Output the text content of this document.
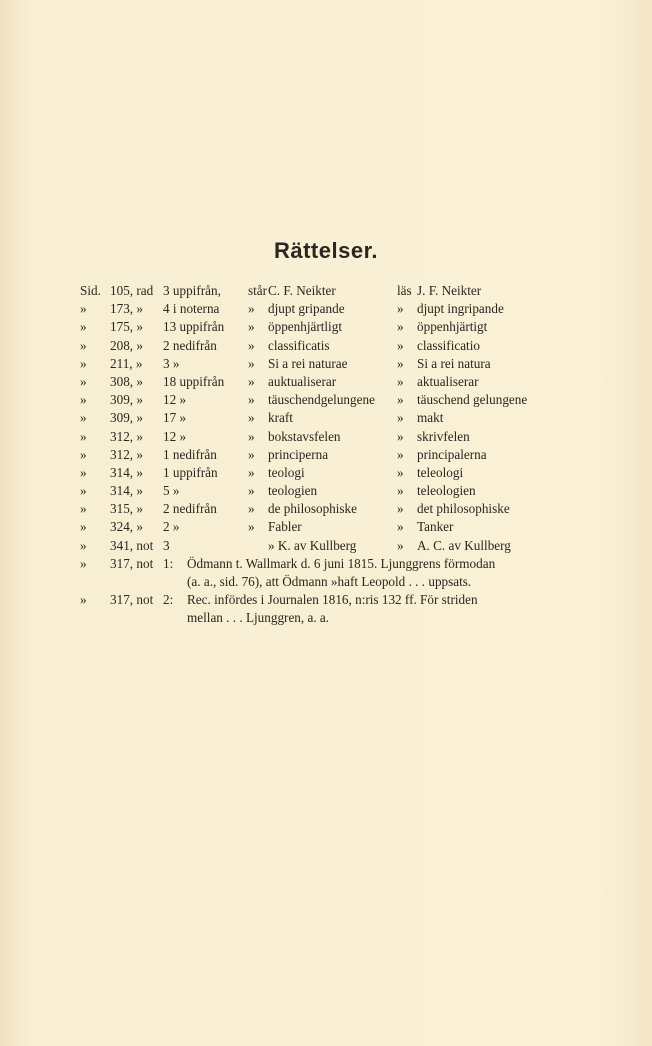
Rättelser.
Sid. 105, rad 3 uppifrån,	står C. F. Neikter	läs J. F. Neikter
»	173, » 4 i noterna	»	djupt gripande	»	djupt ingripande
»	175, » 13 uppifrån	»	öppenhjärtligt	»	öppenhjärtigt
»	208, » 2 nedifrån	»	classificatis	»	classificatio
»	211, » 3 »	»	Si a rei naturae	»	Si a rei natura
»	308, » 18 uppifrån	»	auktualiserar	»	aktualiserar
»	309, » 12 »	»	täuschendgelungene	»	täuschend gelungene
»	309, » 17 »	»	kraft	»	makt
»	312, » 12 »	»	bokstavsfelen	»	skrivfelen
»	312, » 1 nedifrån	»	principerna	»	principalerna
»	314, » 1 uppifrån	»	teologi	»	teleologi
»	314, » 5 »	»	teologien	»	teleologien
»	315, » 2 nedifrån	»	de philosophiske	»	det philosophiske
»	324, » 2 »	»	Fabler	»	Tanker
»	341, not 3	» K. av Kullberg	»	A. C. av Kullberg
»	317, not 1:	Ödmann t. Wallmark d. 6 juni 1815. Ljunggrens förmodan
(a. a., sid. 76), att Ödmann »haft Leopold . . . uppsats.
»	317, not 2:	Rec. infördes i Journalen 1816, n:ris 132 ff. För striden
mellan . . . Ljunggren, a. a.
